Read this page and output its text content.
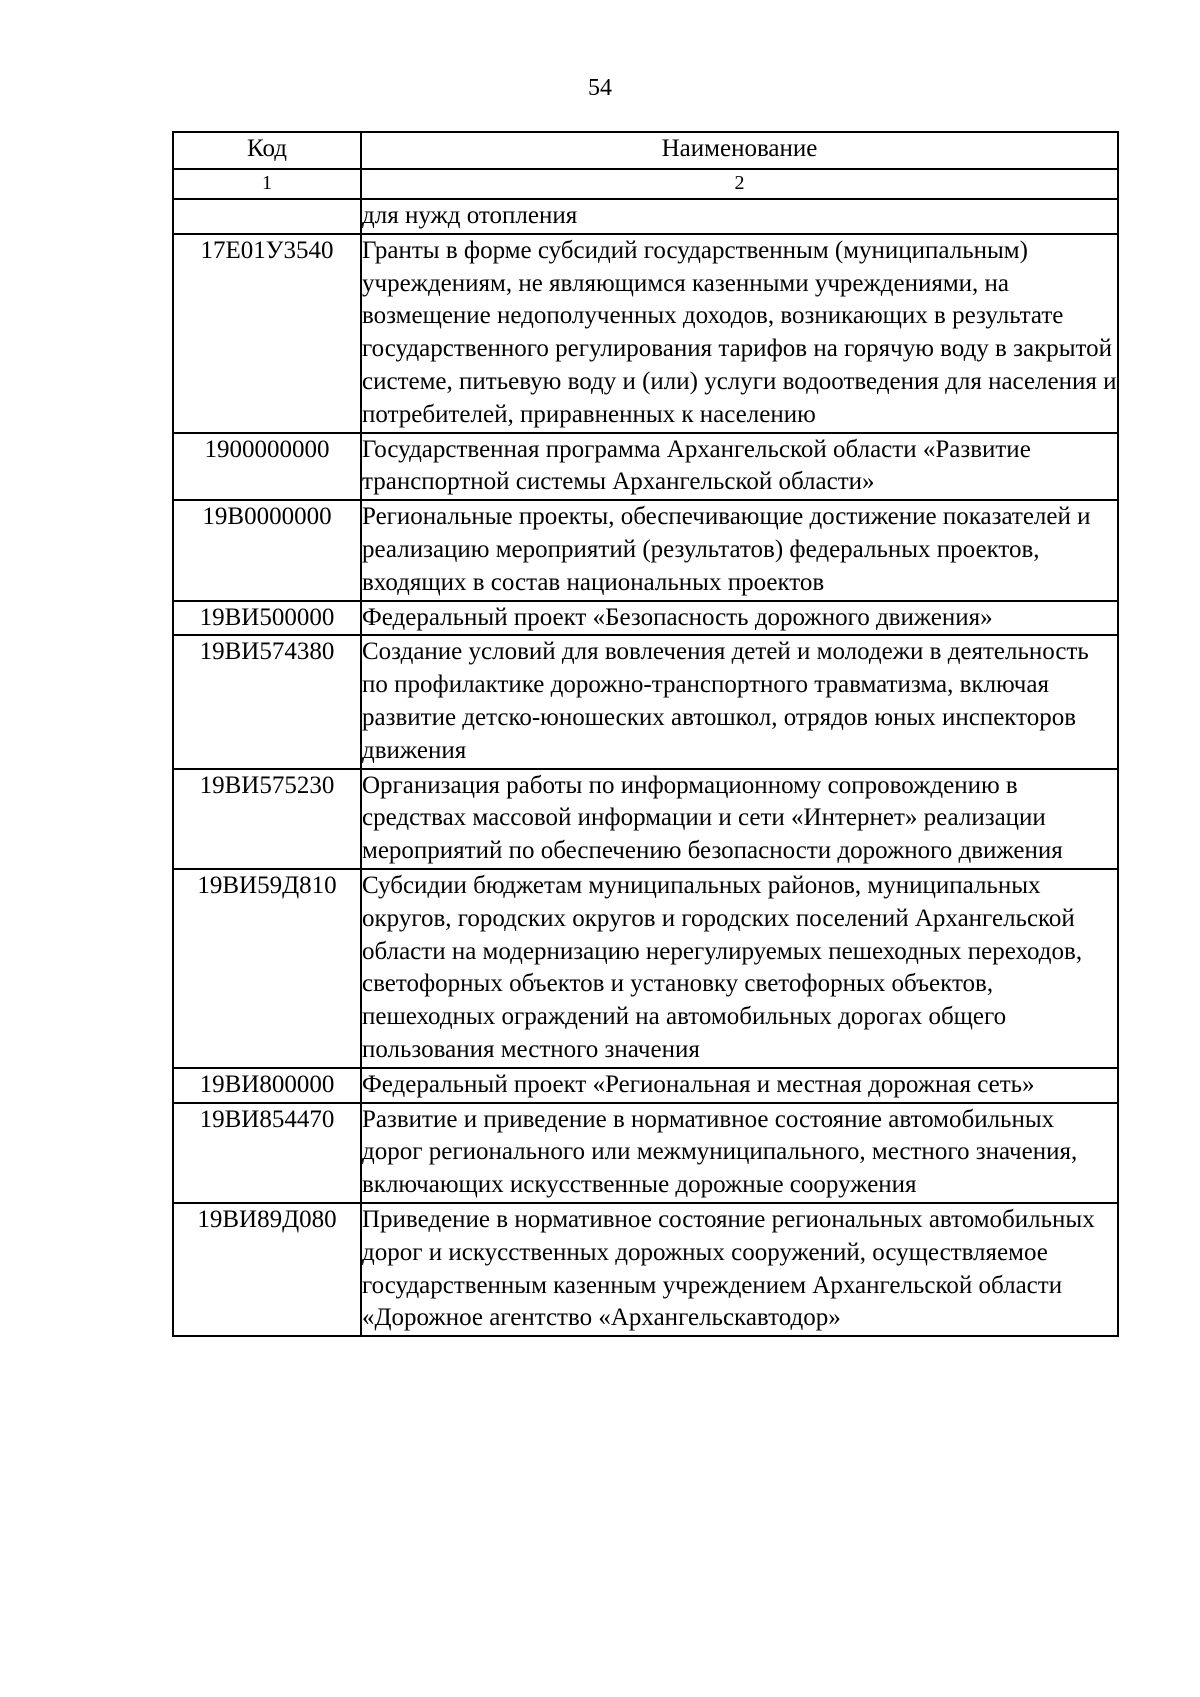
54
Код	Наименование
1	2
	для нужд отопления
17Е01У3540	Гранты в форме субсидий государственным (муниципальным) учреждениям, не являющимся казенными учреждениями, на возмещение недополученных доходов, возникающих в результате государственного регулирования тарифов на горячую воду в закрытой системе, питьевую воду и (или) услуги водоотведения для населения и потребителей, приравненных к населению
1900000000	Государственная программа Архангельской области «Развитие транспортной системы Архангельской области»
19В0000000	Региональные проекты, обеспечивающие достижение показателей и реализацию мероприятий (результатов) федеральных проектов, входящих в состав национальных проектов
19ВИ500000	Федеральный проект «Безопасность дорожного движения»
19ВИ574380	Создание условий для вовлечения детей и молодежи в деятельность по профилактике дорожно-транспортного травматизма, включая развитие детско-юношеских автошкол, отрядов юных инспекторов движения
19ВИ575230	Организация работы по информационному сопровождению в средствах массовой информации и сети «Интернет» реализации мероприятий по обеспечению безопасности дорожного движения
19ВИ59Д810	Субсидии бюджетам муниципальных районов, муниципальных округов, городских округов и городских поселений Архангельской области на модернизацию нерегулируемых пешеходных переходов, светофорных объектов и установку светофорных объектов, пешеходных ограждений на автомобильных дорогах общего пользования местного значения
19ВИ800000	Федеральный проект «Региональная и местная дорожная сеть»
19ВИ854470	Развитие и приведение в нормативное состояние автомобильных дорог регионального или межмуниципального, местного значения, включающих искусственные дорожные сооружения
19ВИ89Д080	Приведение в нормативное состояние региональных автомобильных дорог и искусственных дорожных сооружений, осуществляемое государственным казенным учреждением Архангельской области «Дорожное агентство «Архангельскавтодор»
